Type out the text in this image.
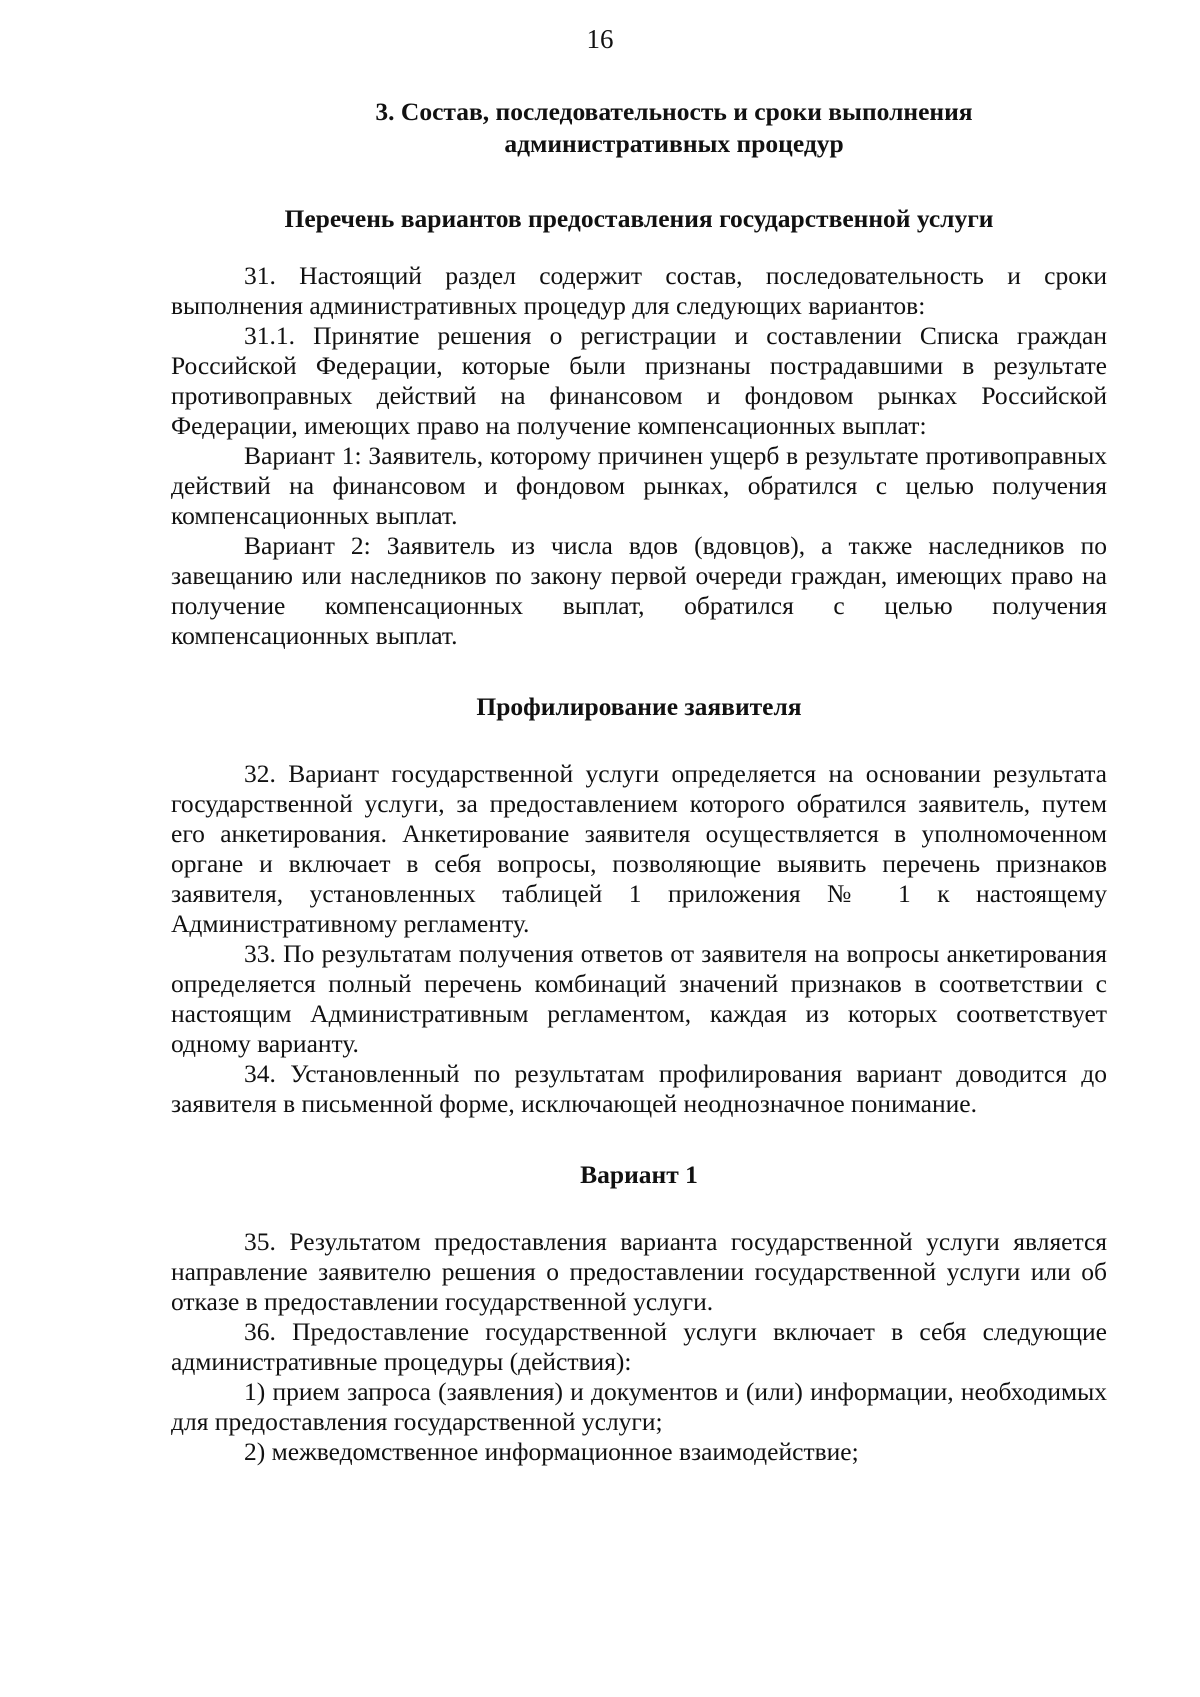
16
3. Состав, последовательность и сроки выполнения
административных процедур
Перечень вариантов предоставления государственной услуги

31. Настоящий раздел содержит состав, последовательность и сроки выполнения административных процедур для следующих вариантов:

31.1. Принятие решения о регистрации и составлении Списка граждан Российской Федерации, которые были признаны пострадавшими в результате противоправных действий на финансовом и фондовом рынках Российской Федерации, имеющих право на получение компенсационных выплат:

Вариант 1: Заявитель, которому причинен ущерб в результате противоправных действий на финансовом и фондовом рынках, обратился с целью получения компенсационных выплат.

Вариант 2: Заявитель из числа вдов (вдовцов), а также наследников по завещанию или наследников по закону первой очереди граждан, имеющих право на получение компенсационных выплат, обратился с целью получения компенсационных выплат.

Профилирование заявителя

32. Вариант государственной услуги определяется на основании результата государственной услуги, за предоставлением которого обратился заявитель, путем его анкетирования. Анкетирование заявителя осуществляется в уполномоченном органе и включает в себя вопросы, позволяющие выявить перечень признаков заявителя, установленных таблицей 1 приложения № 1 к настоящему Административному регламенту.

33. По результатам получения ответов от заявителя на вопросы анкетирования определяется полный перечень комбинаций значений признаков в соответствии с настоящим Административным регламентом, каждая из которых соответствует одному варианту.

34. Установленный по результатам профилирования вариант доводится до заявителя в письменной форме, исключающей неоднозначное понимание.

Вариант 1

35. Результатом предоставления варианта государственной услуги является направление заявителю решения о предоставлении государственной услуги или об отказе в предоставлении государственной услуги.

36. Предоставление государственной услуги включает в себя следующие административные процедуры (действия):

1) прием запроса (заявления) и документов и (или) информации, необходимых для предоставления государственной услуги;

2) межведомственное информационное взаимодействие;
